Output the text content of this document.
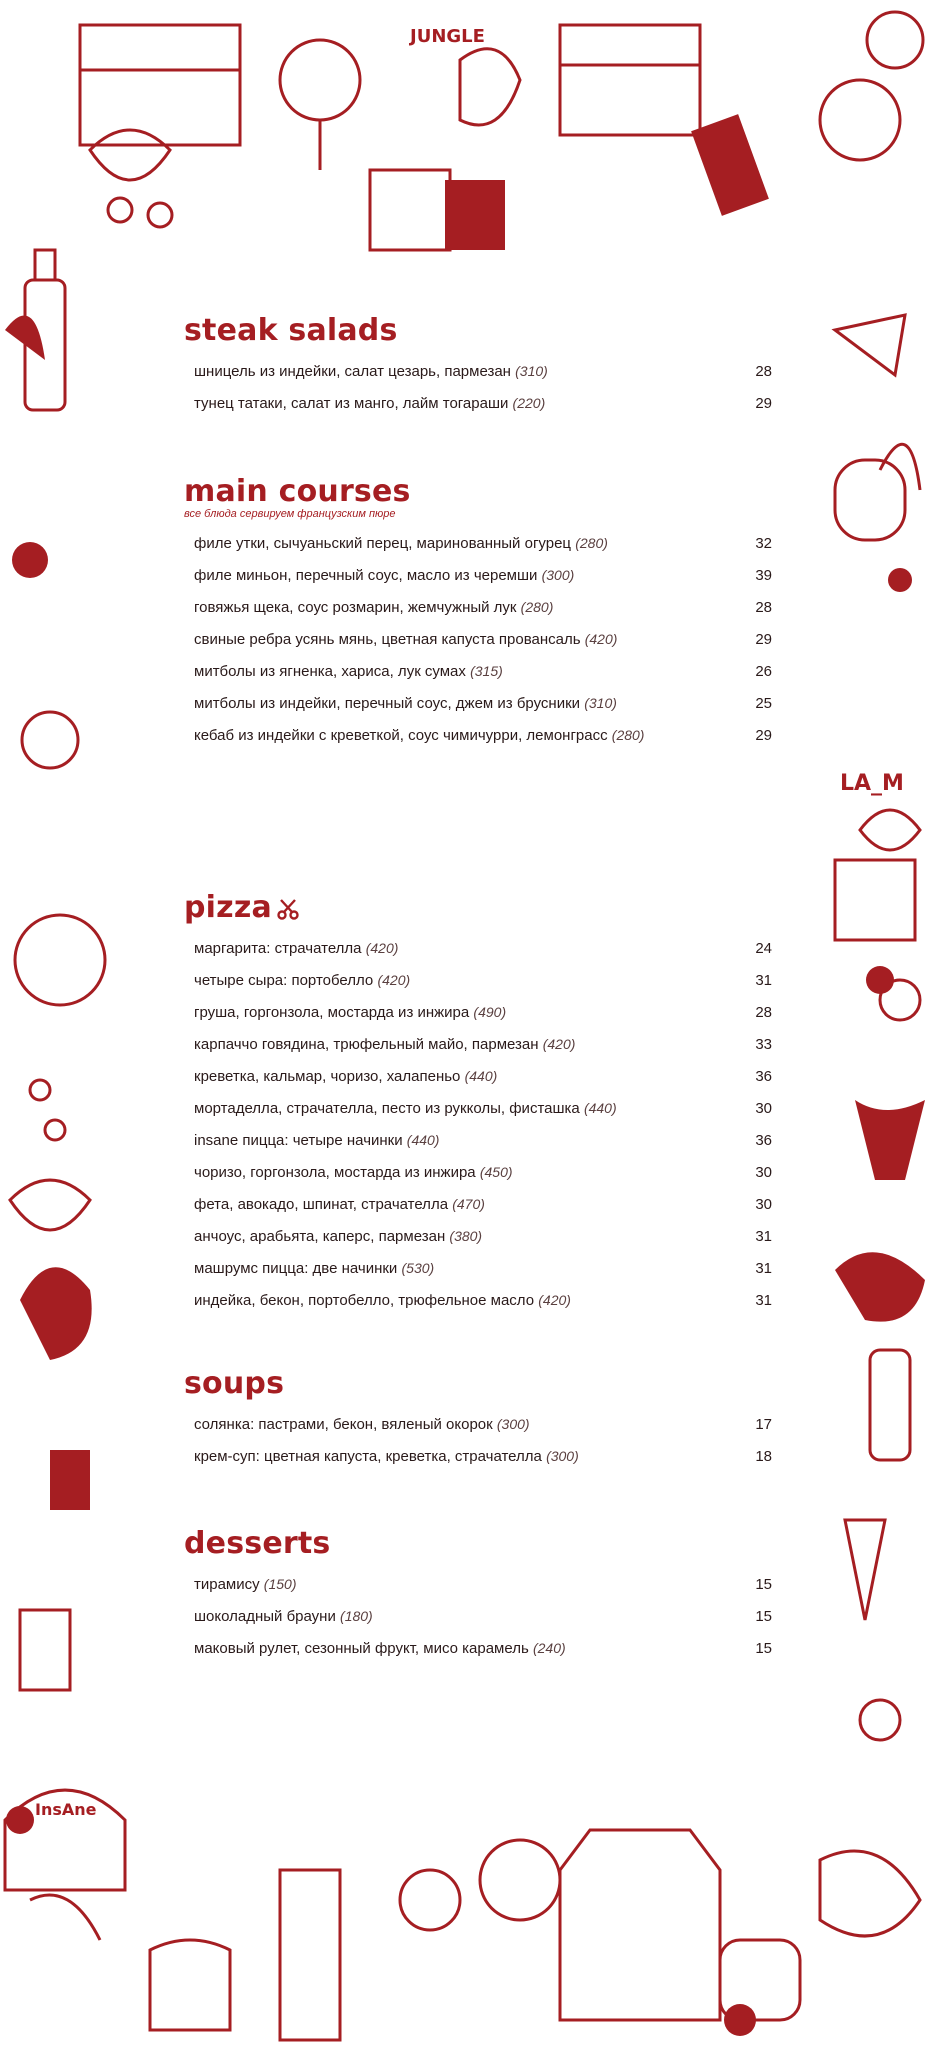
JUNGLE
LA_M
InsAne
insane
steak salads
шницель из индейки, салат цезарь, пармезан (310)	28
тунец татаки, салат из манго, лайм тогараши (220)	29
main courses
все блюда сервируем французским пюре
филе утки, сычуаньский перец, маринованный огурец (280)	32
филе миньон, перечный соус, масло из черемши (300)	39
говяжья щека, соус розмарин, жемчужный лук (280)	28
свиные ребра усянь мянь, цветная капуста провансаль (420)	29
митболы из ягненка, хариса, лук сумах (315)	26
митболы из индейки, перечный соус, джем из брусники (310)	25
кебаб из индейки с креветкой, соус чимичурри, лемонграсс (280)	29
pizza
маргарита: страчателла (420)	24
четыре сыра: портобелло (420)	31
груша, горгонзола, мостарда из инжира (490)	28
карпаччо говядина, трюфельный майо, пармезан (420)	33
креветка, кальмар, чоризо, халапеньо (440)	36
мортаделла, страчателла, песто из рукколы, фисташка (440)	30
insane пицца: четыре начинки (440)	36
чоризо, горгонзола, мостарда из инжира (450)	30
фета, авокадо, шпинат, страчателла (470)	30
анчоус, арабьята, каперс, пармезан (380)	31
машрумс пицца: две начинки (530)	31
индейка, бекон, портобелло, трюфельное масло (420)	31
soups
солянка: пастрами, бекон, вяленый окорок (300)	17
крем-суп: цветная капуста, креветка, страчателла (300)	18
desserts
тирамису (150)	15
шоколадный брауни (180)	15
маковый рулет, сезонный фрукт, мисо карамель (240)	15
